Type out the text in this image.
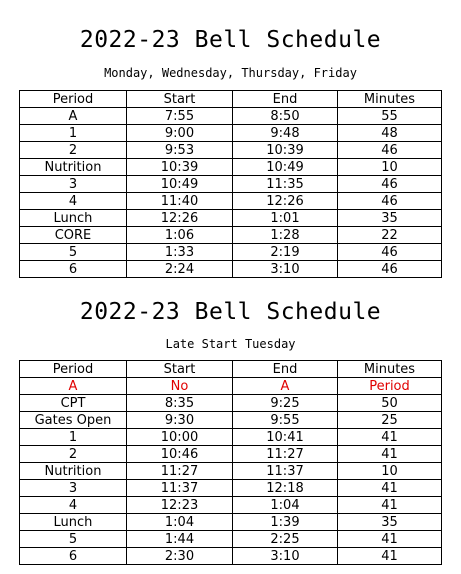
2022-23 Bell Schedule
Monday, Wednesday, Thursday, Friday
Period	Start	End	Minutes
A	7:55	8:50	55
1	9:00	9:48	48
2	9:53	10:39	46
Nutrition	10:39	10:49	10
3	10:49	11:35	46
4	11:40	12:26	46
Lunch	12:26	1:01	35
CORE	1:06	1:28	22
5	1:33	2:19	46
6	2:24	3:10	46
2022-23 Bell Schedule
Late Start Tuesday
Period	Start	End	Minutes
A	No	A	Period
CPT	8:35	9:25	50
Gates Open	9:30	9:55	25
1	10:00	10:41	41
2	10:46	11:27	41
Nutrition	11:27	11:37	10
3	11:37	12:18	41
4	12:23	1:04	41
Lunch	1:04	1:39	35
5	1:44	2:25	41
6	2:30	3:10	41
